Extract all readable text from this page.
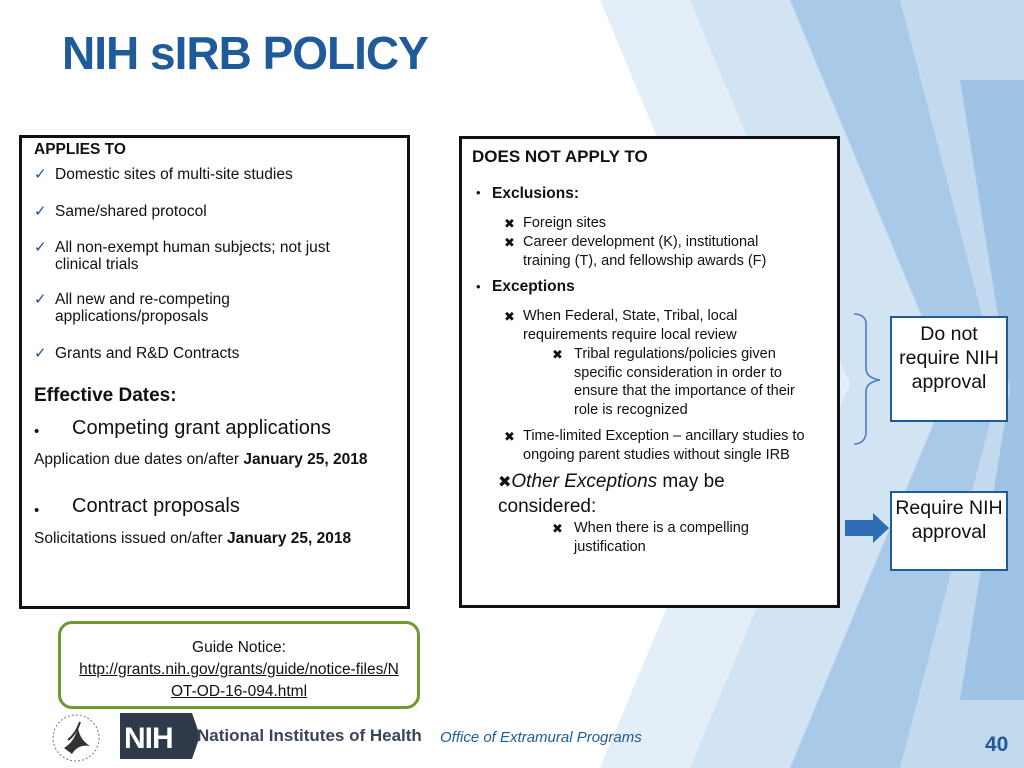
NIH sIRB POLICY
APPLIES TO
✓ Domestic sites of multi-site studies
✓ Same/shared protocol
✓ All non-exempt human subjects; not just clinical trials
✓ All new and re-competing applications/proposals
✓ Grants and R&D Contracts
Effective Dates:
• Competing grant applications
Application due dates on/after January 25, 2018
• Contract proposals
Solicitations issued on/after January 25, 2018
DOES NOT APPLY TO
• Exclusions:
✖ Foreign sites
✖ Career development (K), institutional training (T), and fellowship awards (F)
• Exceptions
✖ When Federal, State, Tribal, local requirements require local review
✖ Tribal regulations/policies given specific consideration in order to ensure that the importance of their role is recognized
✖ Time-limited Exception – ancillary studies to ongoing parent studies without single IRB
✖Other Exceptions may be considered:
✖ When there is a compelling justification
Do not require NIH approval
Require NIH approval
Guide Notice:
http://grants.nih.gov/grants/guide/notice-files/NOT-OD-16-094.html
NIH National Institutes of Health Office of Extramural Programs	40
